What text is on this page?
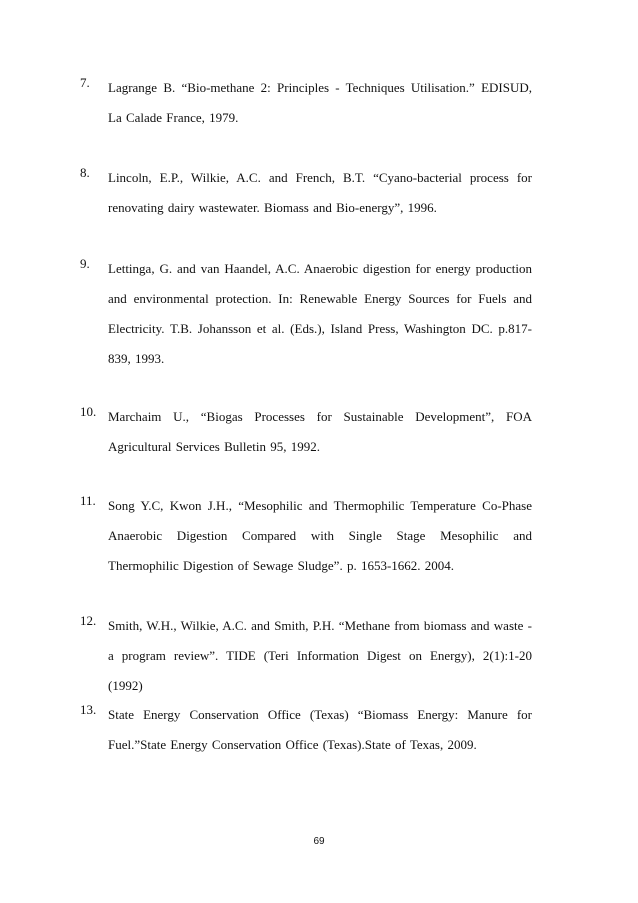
7. Lagrange B. “Bio-methane 2: Principles - Techniques Utilisation.” EDISUD, La Calade France, 1979.
8. Lincoln, E.P., Wilkie, A.C. and French, B.T. “Cyano-bacterial process for renovating dairy wastewater. Biomass and Bio-energy”, 1996.
9. Lettinga, G. and van Haandel, A.C. Anaerobic digestion for energy production and environmental protection. In: Renewable Energy Sources for Fuels and Electricity. T.B. Johansson et al. (Eds.), Island Press, Washington DC. p.817-839, 1993.
10. Marchaim U., “Biogas Processes for Sustainable Development”, FOA Agricultural Services Bulletin 95, 1992.
11. Song Y.C, Kwon J.H., “Mesophilic and Thermophilic Temperature Co-Phase Anaerobic Digestion Compared with Single Stage Mesophilic and Thermophilic Digestion of Sewage Sludge”. p. 1653-1662. 2004.
12. Smith, W.H., Wilkie, A.C. and Smith, P.H. “Methane from biomass and waste - a program review”. TIDE (Teri Information Digest on Energy), 2(1):1-20 (1992)
13. State Energy Conservation Office (Texas) “Biomass Energy: Manure for Fuel.”State Energy Conservation Office (Texas).State of Texas, 2009.
69
